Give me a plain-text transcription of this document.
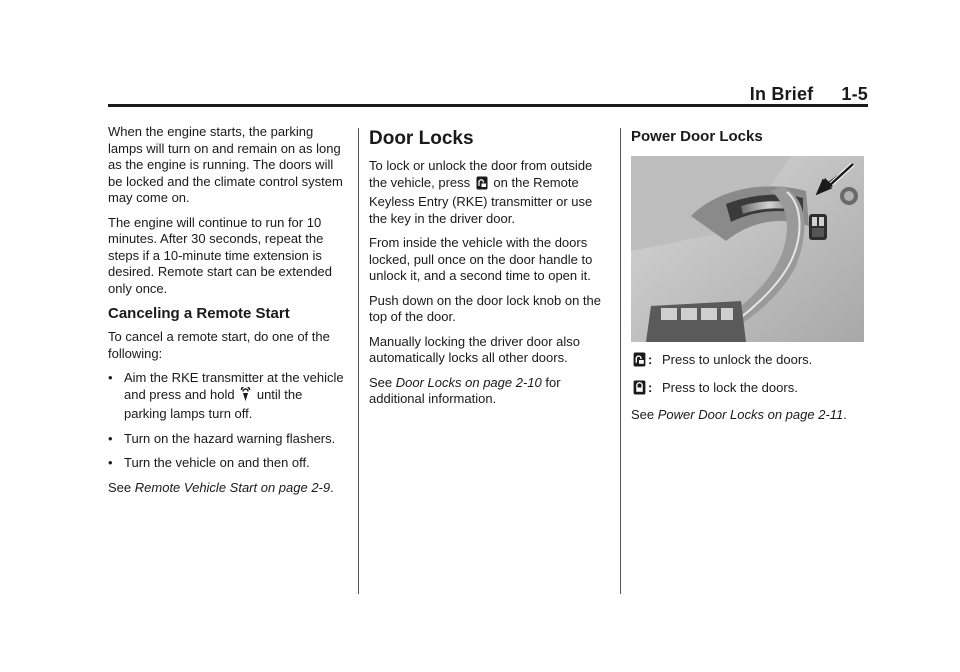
In Brief 1-5

When the engine starts, the parking lamps will turn on and remain on as long as the engine is running. The doors will be locked and the climate control system may come on.

The engine will continue to run for 10 minutes. After 30 seconds, repeat the steps if a 10-minute time extension is desired. Remote start can be extended only once.

Canceling a Remote Start

To cancel a remote start, do one of the following:

• Aim the RKE transmitter at the vehicle and press and hold until the parking lamps turn off.
• Turn on the hazard warning flashers.
• Turn the vehicle on and then off.

See Remote Vehicle Start on page 2-9.

Door Locks

To lock or unlock the door from outside the vehicle, press on the Remote Keyless Entry (RKE) transmitter or use the key in the driver door.

From inside the vehicle with the doors locked, pull once on the door handle to unlock it, and a second time to open it.

Push down on the door lock knob on the top of the door.

Manually locking the driver door also automatically locks all other doors.

See Door Locks on page 2-10 for additional information.

Power Door Locks
: Press to unlock the doors.
: Press to lock the doors.

See Power Door Locks on page 2-11.
